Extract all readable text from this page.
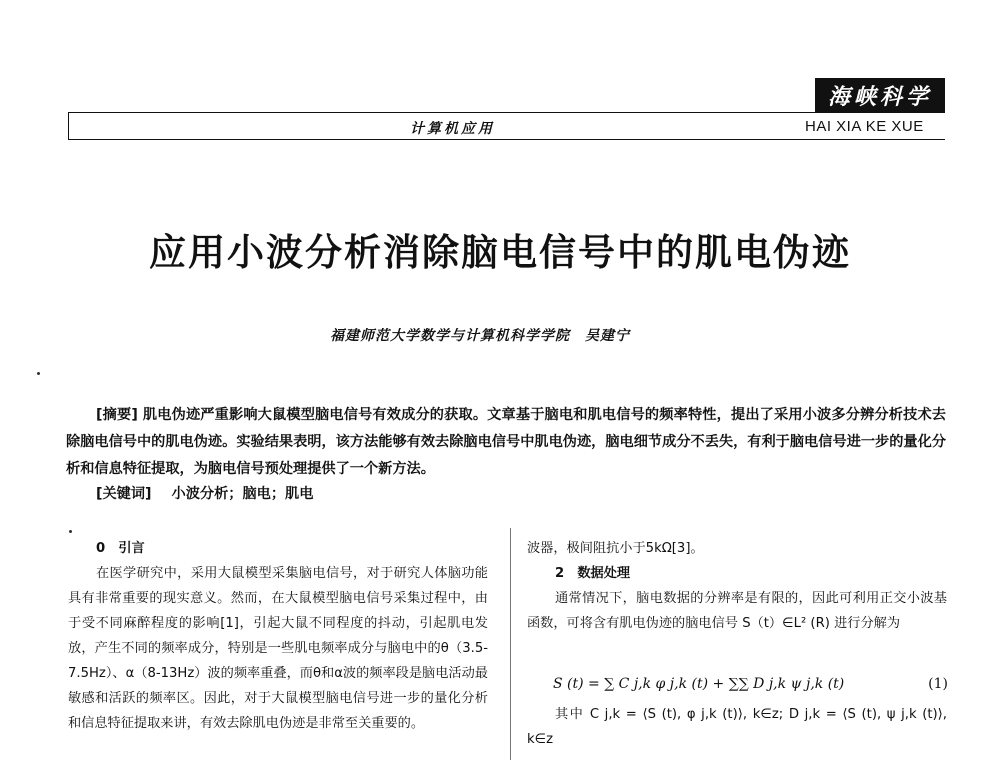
海峡科学
计算机应用	HAI XIA KE XUE
应用小波分析消除脑电信号中的肌电伪迹
福建师范大学数学与计算机科学学院　吴建宁
[摘要] 肌电伪迹严重影响大鼠模型脑电信号有效成分的获取。文章基于脑电和肌电信号的频率特性，提出了采用小波多分辨分析技术去除脑电信号中的肌电伪迹。实验结果表明，该方法能够有效去除脑电信号中肌电伪迹，脑电细节成分不丢失，有利于脑电信号进一步的量化分析和信息特征提取，为脑电信号预处理提供了一个新方法。
[关键词] 小波分析；脑电；肌电
0　引言
在医学研究中，采用大鼠模型采集脑电信号，对于研究人体脑功能具有非常重要的现实意义。然而，在大鼠模型脑电信号采集过程中，由于受不同麻醉程度的影响[1]，引起大鼠不同程度的抖动，引起肌电发放，产生不同的频率成分，特别是一些肌电频率成分与脑电中的θ（3.5-7.5Hz）、α（8-13Hz）波的频率重叠，而θ和α波的频率段是脑电活动最敏感和活跃的频率区。因此，对于大鼠模型脑电信号进一步的量化分析和信息特征提取来讲，有效去除肌电伪迹是非常至关重要的。
波器，极间阻抗小于5kΩ[3]。
2　数据处理
通常情况下，脑电数据的分辨率是有限的，因此可利用正交小波基函数，可将含有肌电伪迹的脑电信号 S（t）∈L² (R) 进行分解为
S (t) = ∑ C j,k φ j,k (t) + ∑∑ D j,k ψ j,k (t)	(1)
其中 C j,k = ⟨S (t), φ j,k (t)⟩, k∈z; D j,k = ⟨S (t), ψ j,k (t)⟩, k∈z
